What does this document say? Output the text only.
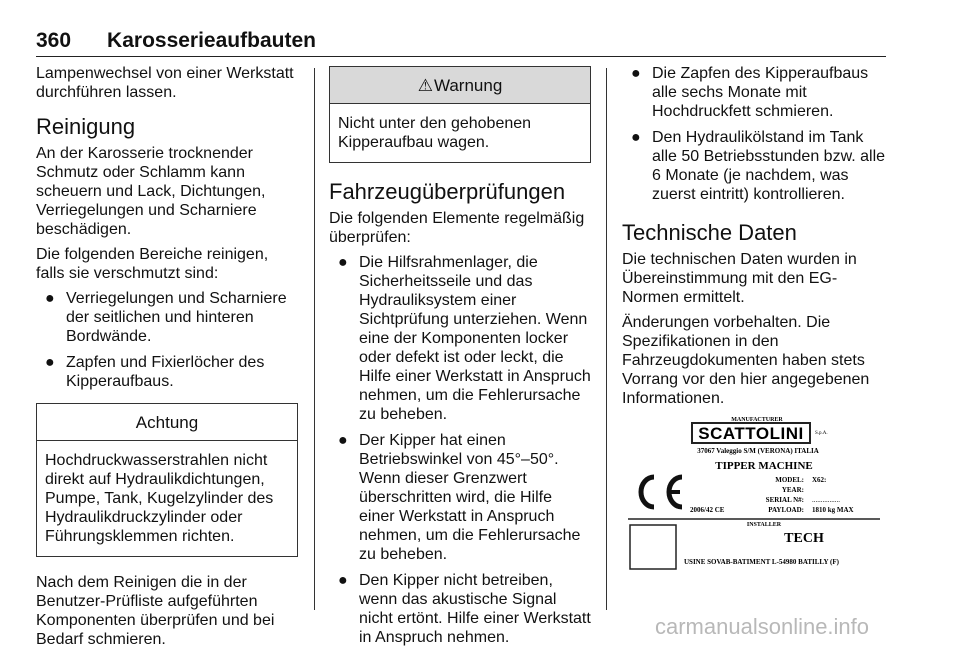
360 Karosserieaufbauten

Lampenwechsel von einer Werkstatt durchführen lassen.

Reinigung

An der Karosserie trocknender Schmutz oder Schlamm kann scheuern und Lack, Dichtungen, Verriegelungen und Scharniere beschädigen.

Die folgenden Bereiche reinigen, falls sie verschmutzt sind:

● Verriegelungen und Scharniere der seitlichen und hinteren Bordwände.
● Zapfen und Fixierlöcher des Kipperaufbaus.
Achtung
Hochdruckwasserstrahlen nicht direkt auf Hydraulikdichtungen, Pumpe, Tank, Kugelzylinder des Hydraulikdruckzylinder oder Führungsklemmen richten.

Nach dem Reinigen die in der Benutzer-Prüfliste aufgeführten Komponenten überprüfen und bei Bedarf schmieren.

⚠ Warnung
Nicht unter den gehobenen Kipperaufbau wagen.
Fahrzeugüberprüfungen

Die folgenden Elemente regelmäßig überprüfen:

● Die Hilfsrahmenlager, die Sicherheitsseile und das Hydrauliksystem einer Sichtprüfung unterziehen. Wenn eine der Komponenten locker oder defekt ist oder leckt, die Hilfe einer Werkstatt in Anspruch nehmen, um die Fehlerursache zu beheben.
● Der Kipper hat einen Betriebswinkel von 45°–50°. Wenn dieser Grenzwert überschritten wird, die Hilfe einer Werkstatt in Anspruch nehmen, um die Fehlerursache zu beheben.
● Den Kipper nicht betreiben, wenn das akustische Signal nicht ertönt. Hilfe einer Werkstatt in Anspruch nehmen.
● Die Zapfen des Kipperaufbaus alle sechs Monate mit Hochdruckfett schmieren.
● Den Hydraulikölstand im Tank alle 50 Betriebsstunden bzw. alle 6 Monate (je nachdem, was zuerst eintritt) kontrollieren.
Technische Daten

Die technischen Daten wurden in Übereinstimmung mit den EG-Normen ermittelt.

Änderungen vorbehalten. Die Spezifikationen in den Fahrzeugdokumenten haben stets Vorrang vor den hier angegebenen Informationen.

MANUFACTURER
SCATTOLINI S.p.A.
37067 Valeggio S/M (VERONA) ITALIA
TIPPER MACHINE
MODEL: X62:
YEAR:
SERIAL N#: ................
2006/42 CE	PAYLOAD: 1810 kg MAX
INSTALLER
TECH
USINE SOVAB-BATIMENT L-54980 BATILLY (F)
carmanualsonline.info
